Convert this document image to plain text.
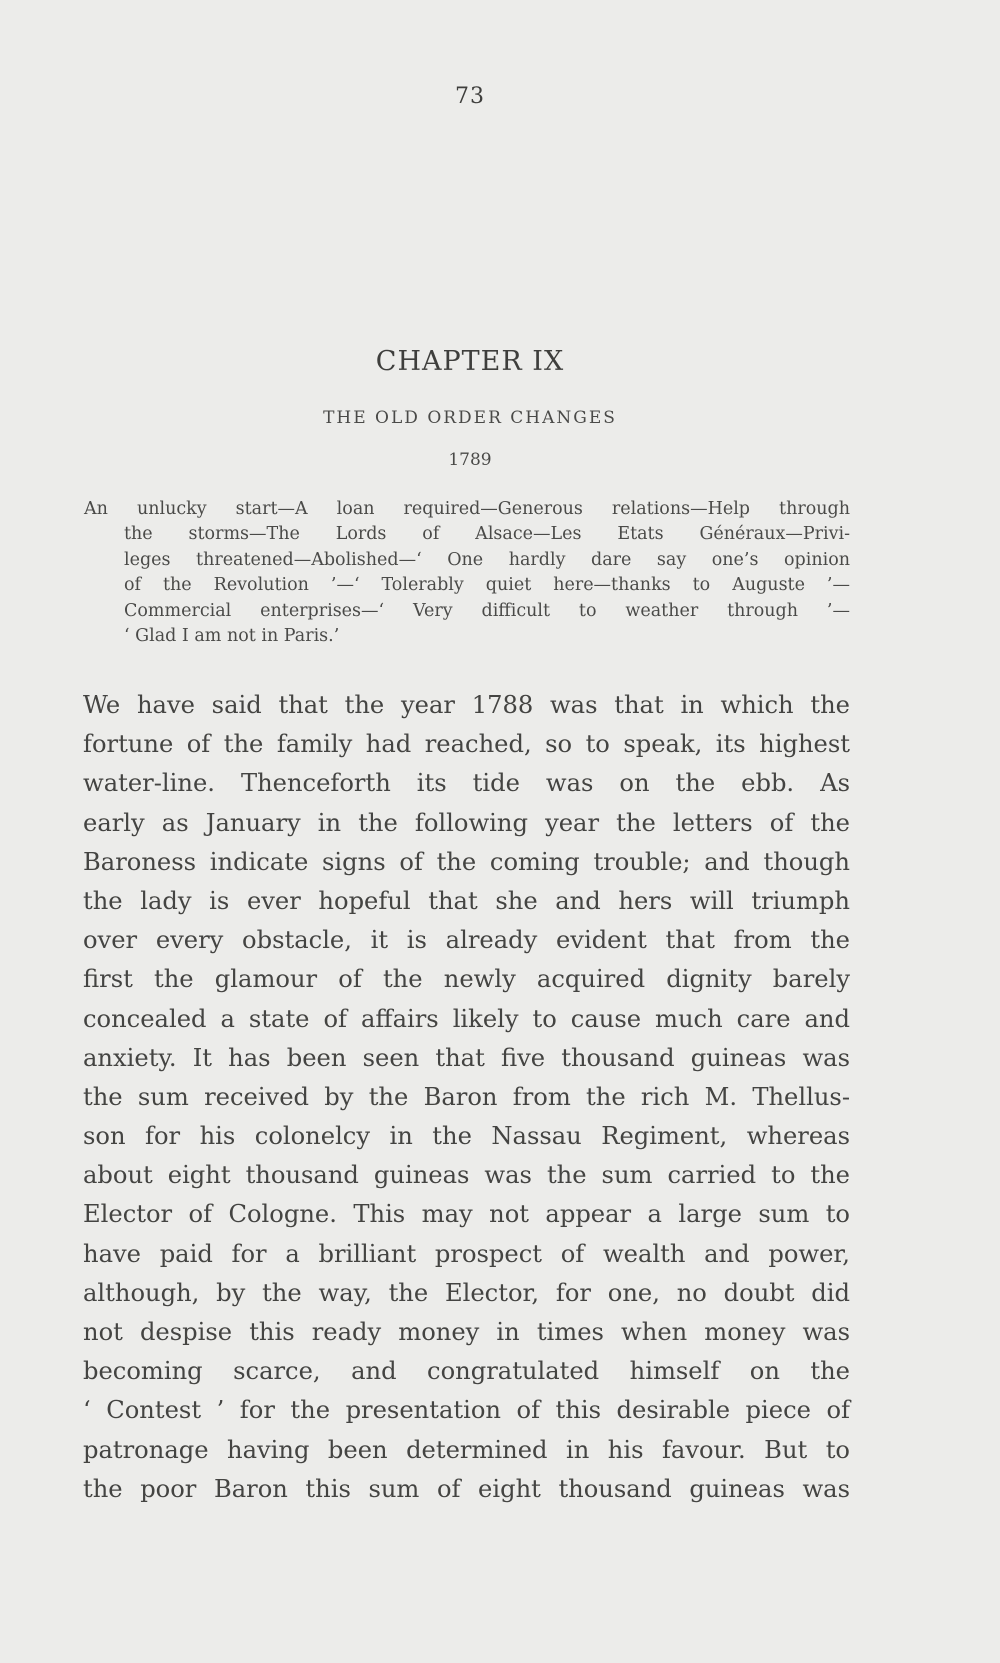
73
CHAPTER IX
THE OLD ORDER CHANGES
1789
An unlucky start—A loan required—Generous relations—Help through
the storms—The Lords of Alsace—Les Etats Généraux—Privi-
leges threatened—Abolished—‘ One hardly dare say one’s opinion
of the Revolution ’—‘ Tolerably quiet here—thanks to Auguste ’—
Commercial enterprises—‘ Very difficult to weather through ’—
‘ Glad I am not in Paris.’
We have said that the year 1788 was that in which the
fortune of the family had reached, so to speak, its highest
water-line. Thenceforth its tide was on the ebb. As
early as January in the following year the letters of the
Baroness indicate signs of the coming trouble; and though
the lady is ever hopeful that she and hers will triumph
over every obstacle, it is already evident that from the
first the glamour of the newly acquired dignity barely
concealed a state of affairs likely to cause much care and
anxiety. It has been seen that five thousand guineas was
the sum received by the Baron from the rich M. Thellus-
son for his colonelcy in the Nassau Regiment, whereas
about eight thousand guineas was the sum carried to the
Elector of Cologne. This may not appear a large sum to
have paid for a brilliant prospect of wealth and power,
although, by the way, the Elector, for one, no doubt did
not despise this ready money in times when money was
becoming scarce, and congratulated himself on the
‘ Contest ’ for the presentation of this desirable piece of
patronage having been determined in his favour. But to
the poor Baron this sum of eight thousand guineas was
